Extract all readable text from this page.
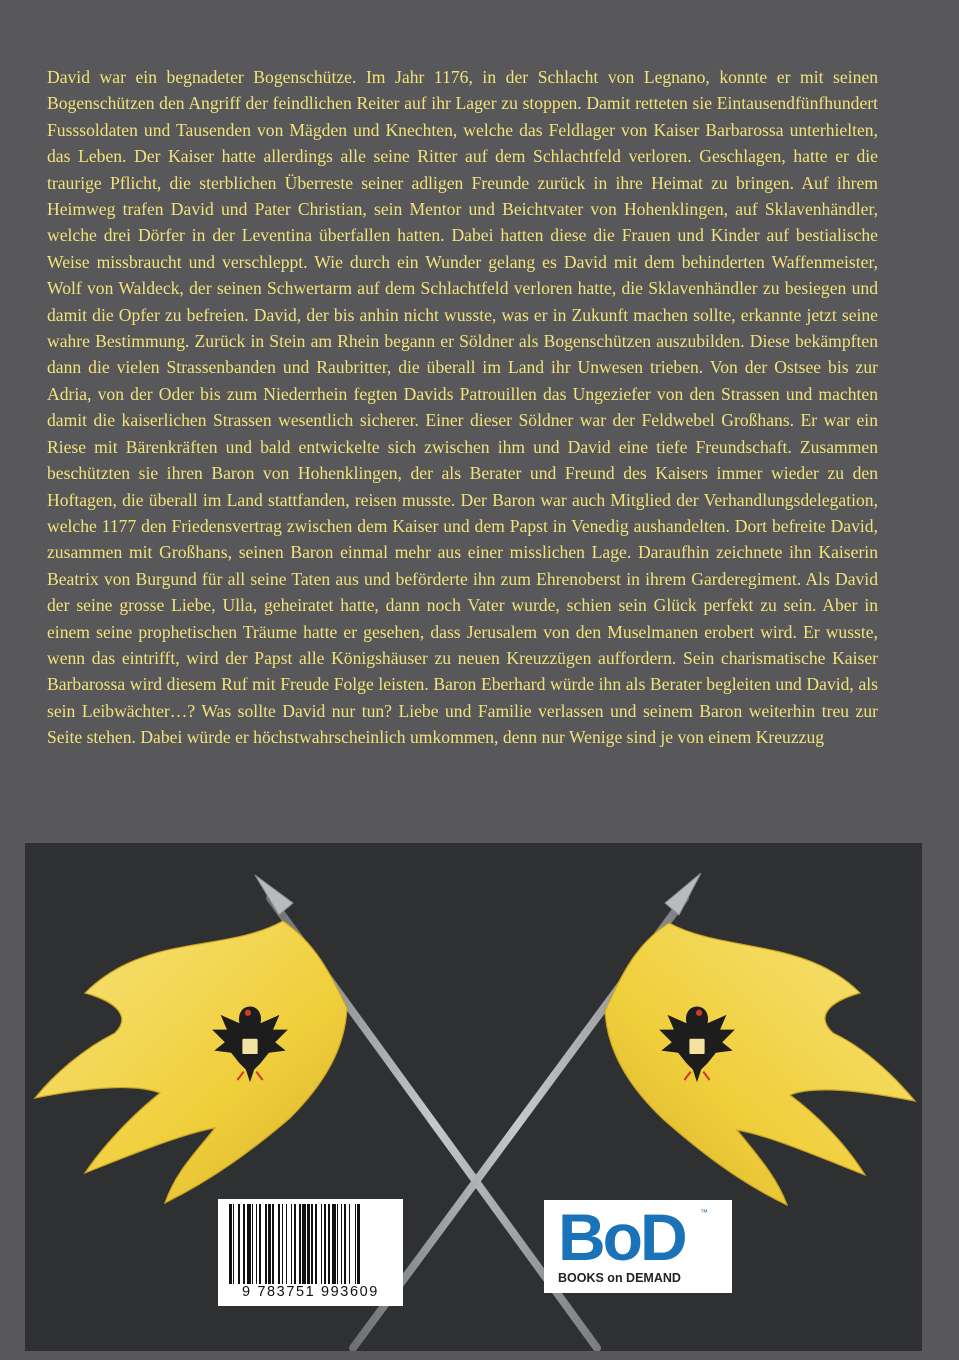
David war ein begnadeter Bogenschütze. Im Jahr 1176, in der Schlacht von Legnano, konnte er mit seinen Bogenschützen den Angriff der feindlichen Reiter auf ihr Lager zu stoppen. Damit retteten sie Eintausendfünfhundert Fusssoldaten und Tausenden von Mägden und Knechten, welche das Feldlager von Kaiser Barbarossa unterhielten, das Leben. Der Kaiser hatte allerdings alle seine Ritter auf dem Schlachtfeld verloren. Geschlagen, hatte er die traurige Pflicht, die sterblichen Überreste seiner adligen Freunde zurück in ihre Heimat zu bringen. Auf ihrem Heimweg trafen David und Pater Christian, sein Mentor und Beichtvater von Hohenklingen, auf Sklavenhändler, welche drei Dörfer in der Leventina überfallen hatten. Dabei hatten diese die Frauen und Kinder auf bestialische Weise missbraucht und verschleppt. Wie durch ein Wunder gelang es David mit dem behinderten Waffenmeister, Wolf von Waldeck, der seinen Schwertarm auf dem Schlachtfeld verloren hatte, die Sklavenhändler zu besiegen und damit die Opfer zu befreien. David, der bis anhin nicht wusste, was er in Zukunft machen sollte, erkannte jetzt seine wahre Bestimmung. Zurück in Stein am Rhein begann er Söldner als Bogenschützen auszubilden. Diese bekämpften dann die vielen Strassenbanden und Raubritter, die überall im Land ihr Unwesen trieben. Von der Ostsee bis zur Adria, von der Oder bis zum Niederrhein fegten Davids Patrouillen das Ungeziefer von den Strassen und machten damit die kaiserlichen Strassen wesentlich sicherer. Einer dieser Söldner war der Feldwebel Großhans. Er war ein Riese mit Bärenkräften und bald entwickelte sich zwischen ihm und David eine tiefe Freundschaft. Zusammen beschützten sie ihren Baron von Hohenklingen, der als Berater und Freund des Kaisers immer wieder zu den Hoftagen, die überall im Land stattfanden, reisen musste. Der Baron war auch Mitglied der Verhandlungsdelegation, welche 1177 den Friedensvertrag zwischen dem Kaiser und dem Papst in Venedig aushandelten. Dort befreite David, zusammen mit Großhans, seinen Baron einmal mehr aus einer misslichen Lage. Daraufhin zeichnete ihn Kaiserin Beatrix von Burgund für all seine Taten aus und beförderte ihn zum Ehrenoberst in ihrem Garderegiment. Als David der seine grosse Liebe, Ulla, geheiratet hatte, dann noch Vater wurde, schien sein Glück perfekt zu sein. Aber in einem seine prophetischen Träume hatte er gesehen, dass Jerusalem von den Muselmanen erobert wird. Er wusste, wenn das eintrifft, wird der Papst alle Königshäuser zu neuen Kreuzzügen auffordern. Sein charismatische Kaiser Barbarossa wird diesem Ruf mit Freude Folge leisten. Baron Eberhard würde ihn als Berater begleiten und David, als sein Leibwächter…? Was sollte David nur tun? Liebe und Familie verlassen und seinem Baron weiterhin treu zur Seite stehen. Dabei würde er höchstwahrscheinlich umkommen, denn nur Wenige sind je von einem Kreuzzug

9 783751 993609
BoD ™
BOOKS on DEMAND
